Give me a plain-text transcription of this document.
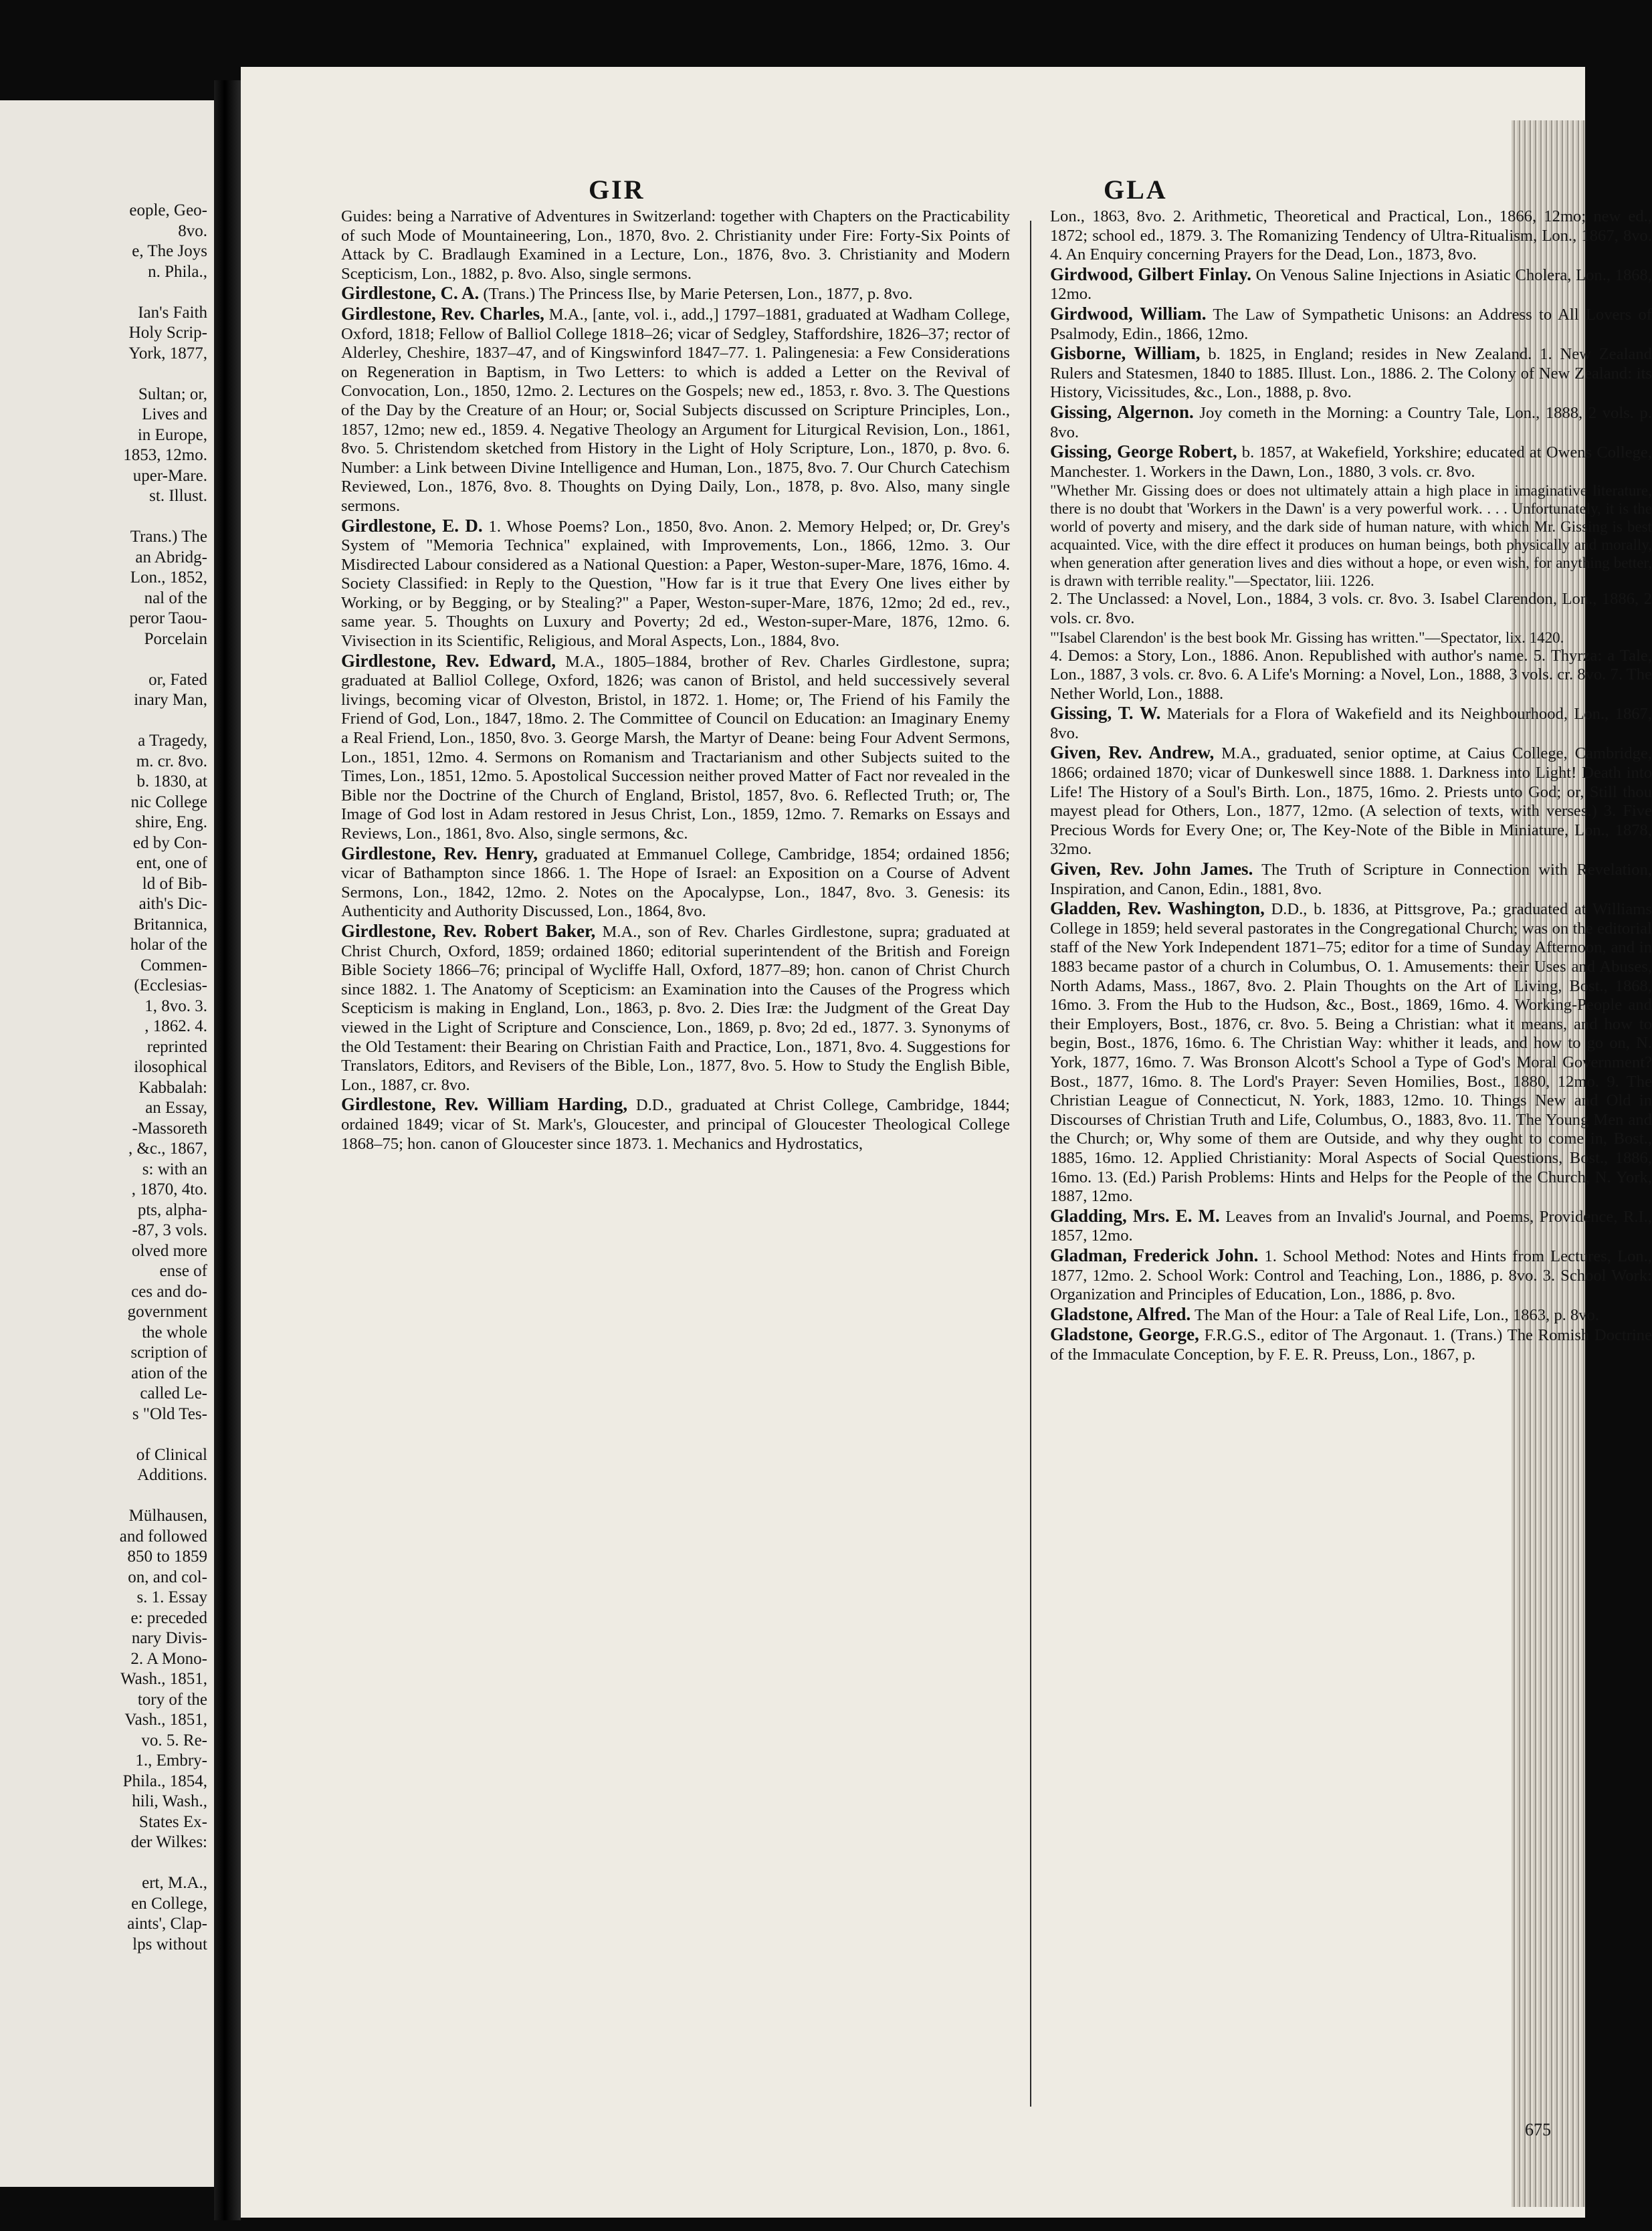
eople, Geo-
8vo.
e, The Joys
n. Phila.,
Ian's Faith
Holy Scrip-
York, 1877,
Sultan; or,
Lives and
in Europe,
1853, 12mo.
uper-Mare.
st. Illust.
Trans.) The
an Abridg-
Lon., 1852,
nal of the
peror Taou-
Porcelain
or, Fated
inary Man,
a Tragedy,
m. cr. 8vo.
b. 1830, at
nic College
shire, Eng.
ed by Con-
ent, one of
ld of Bib-
aith's Dic-
Britannica,
holar of the
Commen-
(Ecclesias-
1, 8vo. 3.
, 1862. 4.
reprinted
ilosophical
Kabbalah:
an Essay,
-Massoreth
, &c., 1867,
s: with an
, 1870, 4to.
pts, alpha-
-87, 3 vols.
olved more
ense of
ces and do-
government
the whole
scription of
ation of the
called Le-
s "Old Tes-
of Clinical
Additions.
Mülhausen,
and followed
850 to 1859
on, and col-
s. 1. Essay
e: preceded
nary Divis-
2. A Mono-
Wash., 1851,
tory of the
Vash., 1851,
vo. 5. Re-
1., Embry-
Phila., 1854,
hili, Wash.,
States Ex-
der Wilkes:
ert, M.A.,
en College,
aints', Clap-
lps without
GIR	GLA
Guides: being a Narrative of Adventures in Switzerland: together with Chapters on the Practicability of such Mode of Mountaineering, Lon., 1870, 8vo. 2. Christianity under Fire: Forty-Six Points of Attack by C. Bradlaugh Examined in a Lecture, Lon., 1876, 8vo. 3. Christianity and Modern Scepticism, Lon., 1882, p. 8vo. Also, single sermons.
Girdlestone, C. A. (Trans.) The Princess Ilse, by Marie Petersen, Lon., 1877, p. 8vo.
Girdlestone, Rev. Charles, M.A., [ante, vol. i., add.,] 1797–1881, graduated at Wadham College, Oxford, 1818; Fellow of Balliol College 1818–26; vicar of Sedgley, Staffordshire, 1826–37; rector of Alderley, Cheshire, 1837–47, and of Kingswinford 1847–77. 1. Palingenesia: a Few Considerations on Regeneration in Baptism, in Two Letters: to which is added a Letter on the Revival of Convocation, Lon., 1850, 12mo. 2. Lectures on the Gospels; new ed., 1853, r. 8vo. 3. The Questions of the Day by the Creature of an Hour; or, Social Subjects discussed on Scripture Principles, Lon., 1857, 12mo; new ed., 1859. 4. Negative Theology an Argument for Liturgical Revision, Lon., 1861, 8vo. 5. Christendom sketched from History in the Light of Holy Scripture, Lon., 1870, p. 8vo. 6. Number: a Link between Divine Intelligence and Human, Lon., 1875, 8vo. 7. Our Church Catechism Reviewed, Lon., 1876, 8vo. 8. Thoughts on Dying Daily, Lon., 1878, p. 8vo. Also, many single sermons.
Girdlestone, E. D. 1. Whose Poems? Lon., 1850, 8vo. Anon. 2. Memory Helped; or, Dr. Grey's System of "Memoria Technica" explained, with Improvements, Lon., 1866, 12mo. 3. Our Misdirected Labour considered as a National Question: a Paper, Weston-super-Mare, 1876, 16mo. 4. Society Classified: in Reply to the Question, "How far is it true that Every One lives either by Working, or by Begging, or by Stealing?" a Paper, Weston-super-Mare, 1876, 12mo; 2d ed., rev., same year. 5. Thoughts on Luxury and Poverty; 2d ed., Weston-super-Mare, 1876, 12mo. 6. Vivisection in its Scientific, Religious, and Moral Aspects, Lon., 1884, 8vo.
Girdlestone, Rev. Edward, M.A., 1805–1884, brother of Rev. Charles Girdlestone, supra; graduated at Balliol College, Oxford, 1826; was canon of Bristol, and held successively several livings, becoming vicar of Olveston, Bristol, in 1872. 1. Home; or, The Friend of his Family the Friend of God, Lon., 1847, 18mo. 2. The Committee of Council on Education: an Imaginary Enemy a Real Friend, Lon., 1850, 8vo. 3. George Marsh, the Martyr of Deane: being Four Advent Sermons, Lon., 1851, 12mo. 4. Sermons on Romanism and Tractarianism and other Subjects suited to the Times, Lon., 1851, 12mo. 5. Apostolical Succession neither proved Matter of Fact nor revealed in the Bible nor the Doctrine of the Church of England, Bristol, 1857, 8vo. 6. Reflected Truth; or, The Image of God lost in Adam restored in Jesus Christ, Lon., 1859, 12mo. 7. Remarks on Essays and Reviews, Lon., 1861, 8vo. Also, single sermons, &c.
Girdlestone, Rev. Henry, graduated at Emmanuel College, Cambridge, 1854; ordained 1856; vicar of Bathampton since 1866. 1. The Hope of Israel: an Exposition on a Course of Advent Sermons, Lon., 1842, 12mo. 2. Notes on the Apocalypse, Lon., 1847, 8vo. 3. Genesis: its Authenticity and Authority Discussed, Lon., 1864, 8vo.
Girdlestone, Rev. Robert Baker, M.A., son of Rev. Charles Girdlestone, supra; graduated at Christ Church, Oxford, 1859; ordained 1860; editorial superintendent of the British and Foreign Bible Society 1866–76; principal of Wycliffe Hall, Oxford, 1877–89; hon. canon of Christ Church since 1882. 1. The Anatomy of Scepticism: an Examination into the Causes of the Progress which Scepticism is making in England, Lon., 1863, p. 8vo. 2. Dies Iræ: the Judgment of the Great Day viewed in the Light of Scripture and Conscience, Lon., 1869, p. 8vo; 2d ed., 1877. 3. Synonyms of the Old Testament: their Bearing on Christian Faith and Practice, Lon., 1871, 8vo. 4. Suggestions for Translators, Editors, and Revisers of the Bible, Lon., 1877, 8vo. 5. How to Study the English Bible, Lon., 1887, cr. 8vo.
Girdlestone, Rev. William Harding, D.D., graduated at Christ College, Cambridge, 1844; ordained 1849; vicar of St. Mark's, Gloucester, and principal of Gloucester Theological College 1868–75; hon. canon of Gloucester since 1873. 1. Mechanics and Hydrostatics,
Lon., 1863, 8vo. 2. Arithmetic, Theoretical and Practical, Lon., 1866, 12mo; new ed., 1872; school ed., 1879. 3. The Romanizing Tendency of Ultra-Ritualism, Lon., 1867, 8vo. 4. An Enquiry concerning Prayers for the Dead, Lon., 1873, 8vo.
Girdwood, Gilbert Finlay. On Venous Saline Injections in Asiatic Cholera, Lon., 1868, 12mo.
Girdwood, William. The Law of Sympathetic Unisons: an Address to All Lovers of Psalmody, Edin., 1866, 12mo.
Gisborne, William, b. 1825, in England; resides in New Zealand. 1. New Zealand Rulers and Statesmen, 1840 to 1885. Illust. Lon., 1886. 2. The Colony of New Zealand: its History, Vicissitudes, &c., Lon., 1888, p. 8vo.
Gissing, Algernon. Joy cometh in the Morning: a Country Tale, Lon., 1888, 2 vols. p. 8vo.
Gissing, George Robert, b. 1857, at Wakefield, Yorkshire; educated at Owens College, Manchester. 1. Workers in the Dawn, Lon., 1880, 3 vols. cr. 8vo.
"Whether Mr. Gissing does or does not ultimately attain a high place in imaginative literature, there is no doubt that 'Workers in the Dawn' is a very powerful work. . . . Unfortunately, it is the world of poverty and misery, and the dark side of human nature, with which Mr. Gissing is best acquainted. Vice, with the dire effect it produces on human beings, both physically and morally, when generation after generation lives and dies without a hope, or even wish, for anything better, is drawn with terrible reality."—Spectator, liii. 1226.
2. The Unclassed: a Novel, Lon., 1884, 3 vols. cr. 8vo. 3. Isabel Clarendon, Lon., 1886, 2 vols. cr. 8vo.
"'Isabel Clarendon' is the best book Mr. Gissing has written."—Spectator, lix. 1420.
4. Demos: a Story, Lon., 1886. Anon. Republished with author's name. 5. Thyrza: a Tale, Lon., 1887, 3 vols. cr. 8vo. 6. A Life's Morning: a Novel, Lon., 1888, 3 vols. cr. 8vo. 7. The Nether World, Lon., 1888.
Gissing, T. W. Materials for a Flora of Wakefield and its Neighbourhood, Lon., 1867, 8vo.
Given, Rev. Andrew, M.A., graduated, senior optime, at Caius College, Cambridge, 1866; ordained 1870; vicar of Dunkeswell since 1888. 1. Darkness into Light! Death into Life! The History of a Soul's Birth. Lon., 1875, 16mo. 2. Priests unto God; or, Still thou mayest plead for Others, Lon., 1877, 12mo. (A selection of texts, with verses.) 3. Five Precious Words for Every One; or, The Key-Note of the Bible in Miniature, Lon., 1878, 32mo.
Given, Rev. John James. The Truth of Scripture in Connection with Revelation, Inspiration, and Canon, Edin., 1881, 8vo.
Gladden, Rev. Washington, D.D., b. 1836, at Pittsgrove, Pa.; graduated at Williams College in 1859; held several pastorates in the Congregational Church; was on the editorial staff of the New York Independent 1871–75; editor for a time of Sunday Afternoon, and in 1883 became pastor of a church in Columbus, O. 1. Amusements: their Uses and Abuses, North Adams, Mass., 1867, 8vo. 2. Plain Thoughts on the Art of Living, Bost., 1868, 16mo. 3. From the Hub to the Hudson, &c., Bost., 1869, 16mo. 4. Working-People and their Employers, Bost., 1876, cr. 8vo. 5. Being a Christian: what it means, and how to begin, Bost., 1876, 16mo. 6. The Christian Way: whither it leads, and how to go on, N. York, 1877, 16mo. 7. Was Bronson Alcott's School a Type of God's Moral Government? Bost., 1877, 16mo. 8. The Lord's Prayer: Seven Homilies, Bost., 1880, 12mo. 9. The Christian League of Connecticut, N. York, 1883, 12mo. 10. Things New and Old in Discourses of Christian Truth and Life, Columbus, O., 1883, 8vo. 11. The Young Men and the Church; or, Why some of them are Outside, and why they ought to come in, Bost., 1885, 16mo. 12. Applied Christianity: Moral Aspects of Social Questions, Bost., 1886, 16mo. 13. (Ed.) Parish Problems: Hints and Helps for the People of the Church, N. York, 1887, 12mo.
Gladding, Mrs. E. M. Leaves from an Invalid's Journal, and Poems, Providence, R.I., 1857, 12mo.
Gladman, Frederick John. 1. School Method: Notes and Hints from Lectures, Lon., 1877, 12mo. 2. School Work: Control and Teaching, Lon., 1886, p. 8vo. 3. School Work: Organization and Principles of Education, Lon., 1886, p. 8vo.
Gladstone, Alfred. The Man of the Hour: a Tale of Real Life, Lon., 1863, p. 8vo.
Gladstone, George, F.R.G.S., editor of The Argonaut. 1. (Trans.) The Romish Doctrine of the Immaculate Conception, by F. E. R. Preuss, Lon., 1867, p.
675
